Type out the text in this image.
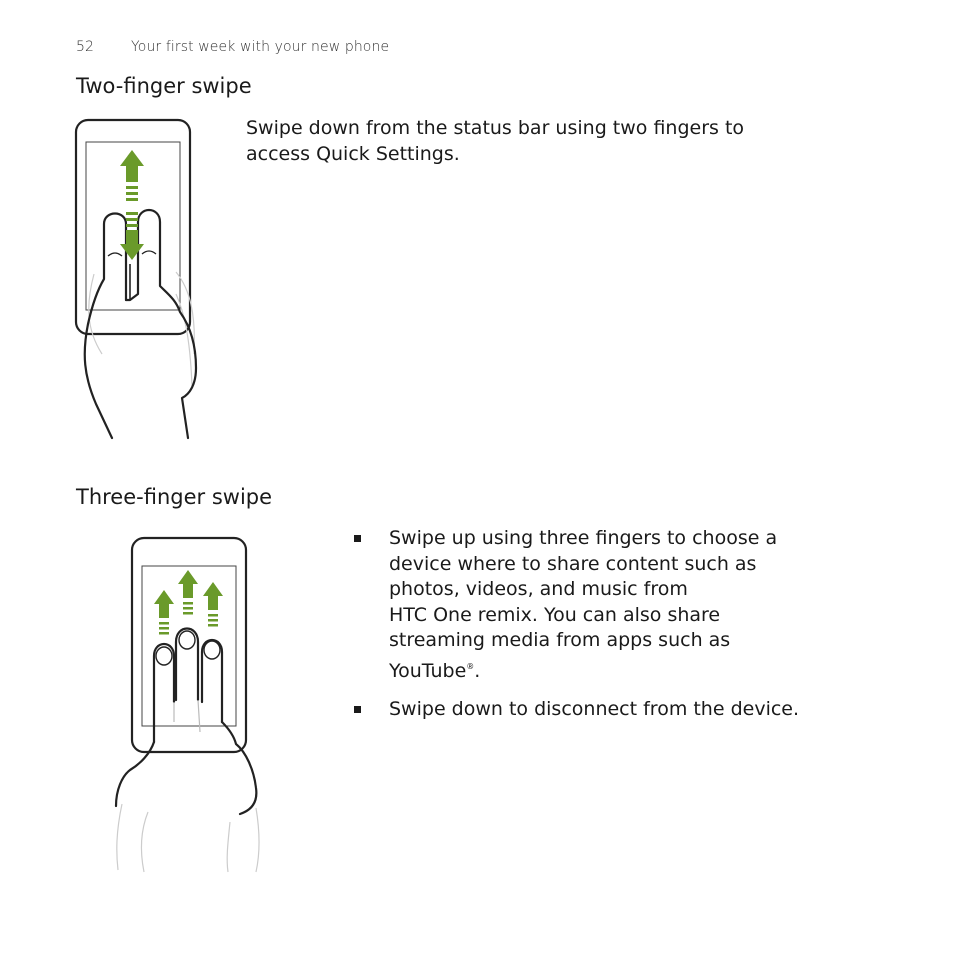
52	Your first week with your new phone
Two-finger swipe
Swipe down from the status bar using two fingers to
access Quick Settings.
Three-finger swipe
Swipe up using three fingers to choose a
device where to share content such as
photos, videos, and music from
HTC One remix. You can also share
streaming media from apps such as
YouTube®.
Swipe down to disconnect from the device.
